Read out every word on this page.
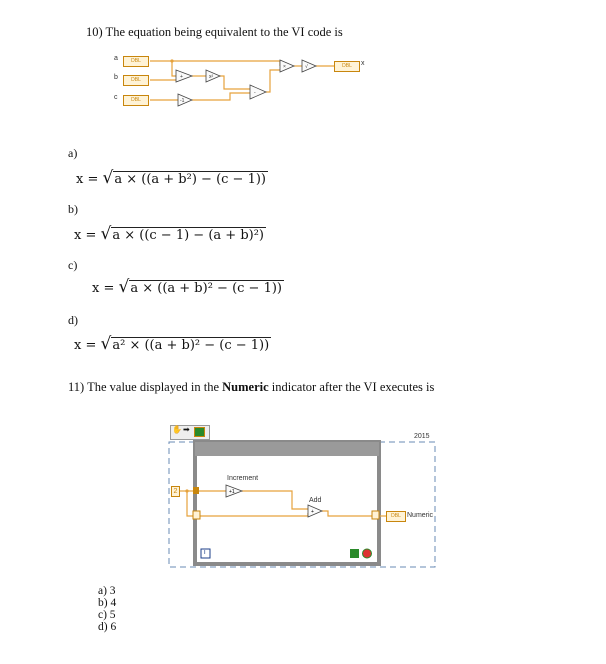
10) The equation being equivalent to the VI code is
+	x²
-1
-
×	√
a	DBL
b	DBL
c	DBL
DBL	x
a)
x = √a × ((a + b²) − (c − 1))
b)
x = √a × ((c − 1) − (a + b)²)
c)
x = √a × ((a + b)² − (c − 1))
d)
x = √a² × ((a + b)² − (c − 1))
11) The value displayed in the Numeric indicator after the VI executes is
✋ ➡
2015
+1
+
2
Increment
Add
i
DBL Numeric
a) 3
b) 4
c) 5
d) 6
